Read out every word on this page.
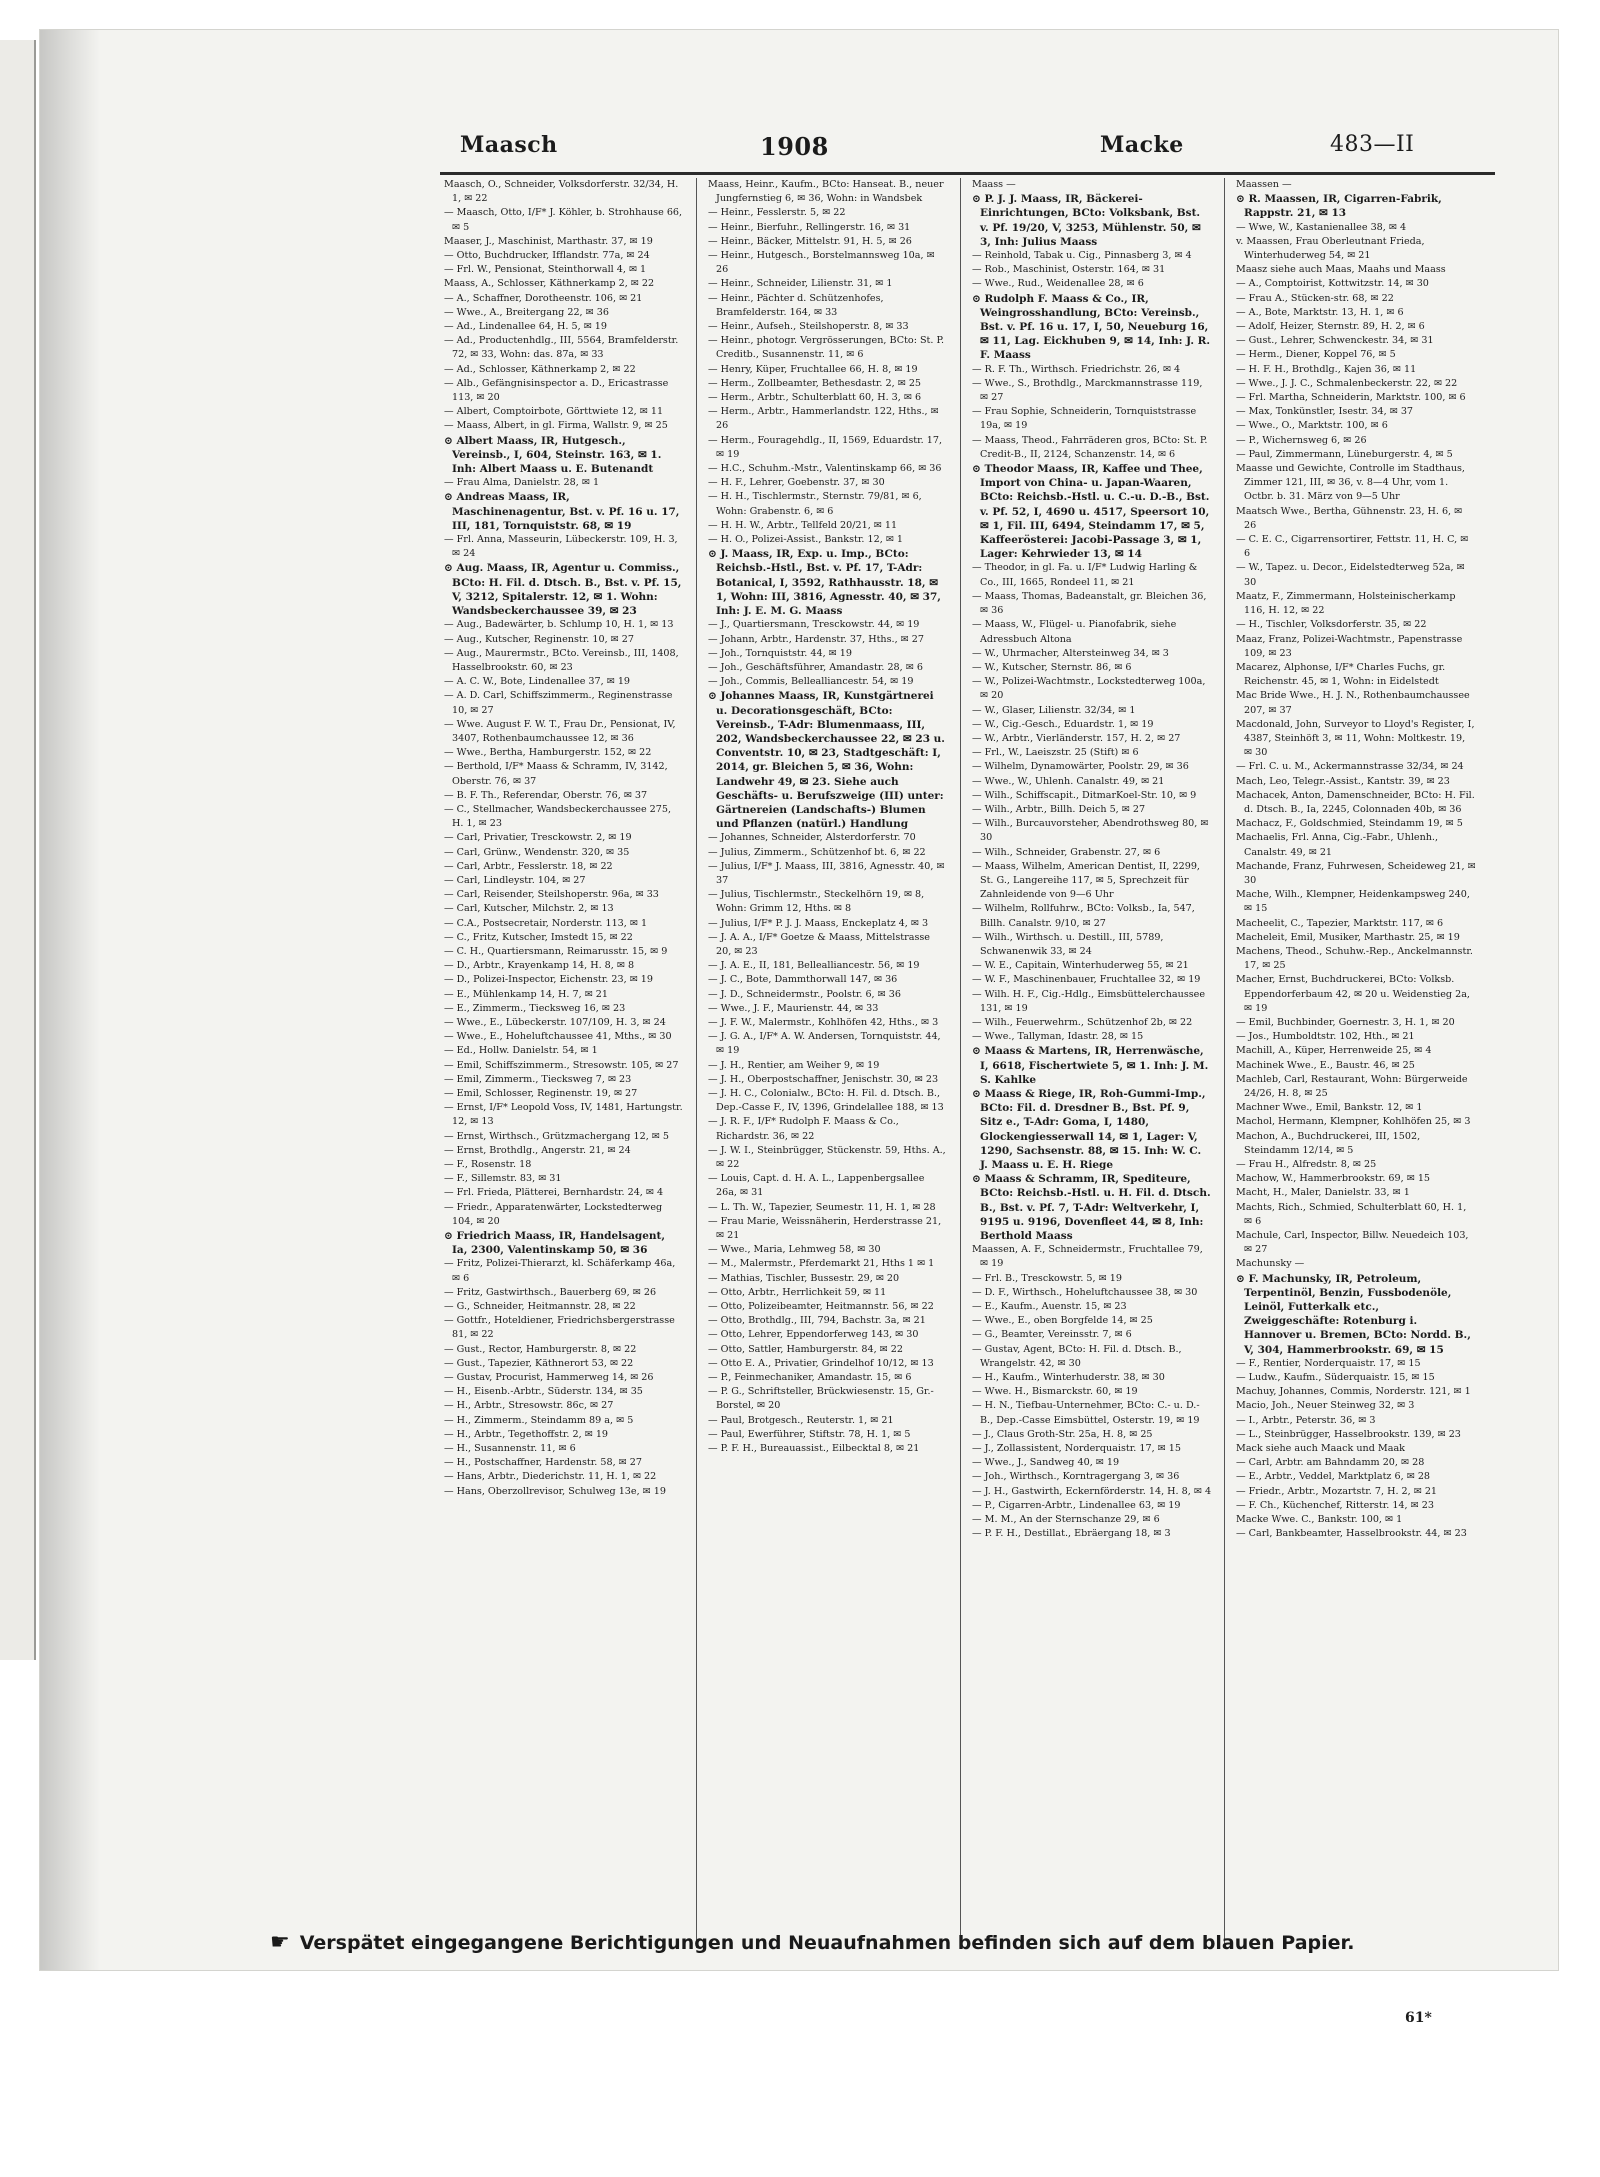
Maasch	1908	Macke	483—II

Maasch, O., Schneider, Volksdorferstr. 32/34, H. 1, ✉ 22

— Maasch, Otto, I/F* J. Köhler, b. Strohhause 66, ✉ 5

Maaser, J., Maschinist, Marthastr. 37, ✉ 19

— Otto, Buchdrucker, Ifflandstr. 77a, ✉ 24

— Frl. W., Pensionat, Steinthorwall 4, ✉ 1

Maass, A., Schlosser, Käthnerkamp 2, ✉ 22

— A., Schaffner, Dorotheenstr. 106, ✉ 21

— Wwe., A., Breitergang 22, ✉ 36

— Ad., Lindenallee 64, H. 5, ✉ 19

— Ad., Productenhdlg., III, 5564, Bramfelderstr. 72, ✉ 33, Wohn: das. 87a, ✉ 33

— Ad., Schlosser, Käthnerkamp 2, ✉ 22

— Alb., Gefängnisinspector a. D., Ericastrasse 113, ✉ 20

— Albert, Comptoirbote, Görttwiete 12, ✉ 11

— Maass, Albert, in gl. Firma, Wallstr. 9, ✉ 25

⊙ Albert Maass, IR, Hutgesch., Vereinsb., I, 604, Steinstr. 163, ✉ 1. Inh: Albert Maass u. E. Butenandt

— Frau Alma, Danielstr. 28, ✉ 1

⊙ Andreas Maass, IR, Maschinenagentur, Bst. v. Pf. 16 u. 17, III, 181, Tornquiststr. 68, ✉ 19

— Frl. Anna, Masseurin, Lübeckerstr. 109, H. 3, ✉ 24

⊙ Aug. Maass, IR, Agentur u. Commiss., BCto: H. Fil. d. Dtsch. B., Bst. v. Pf. 15, V, 3212, Spitalerstr. 12, ✉ 1. Wohn: Wandsbeckerchaussee 39, ✉ 23

— Aug., Badewärter, b. Schlump 10, H. 1, ✉ 13

— Aug., Kutscher, Reginenstr. 10, ✉ 27

— Aug., Maurermstr., BCto. Vereinsb., III, 1408, Hasselbrookstr. 60, ✉ 23

— A. C. W., Bote, Lindenallee 37, ✉ 19

— A. D. Carl, Schiffszimmerm., Reginenstrasse 10, ✉ 27

— Wwe. August F. W. T., Frau Dr., Pensionat, IV, 3407, Rothenbaumchaussee 12, ✉ 36

— Wwe., Bertha, Hamburgerstr. 152, ✉ 22

— Berthold, I/F* Maass & Schramm, IV, 3142, Oberstr. 76, ✉ 37

— B. F. Th., Referendar, Oberstr. 76, ✉ 37

— C., Stellmacher, Wandsbeckerchaussee 275, H. 1, ✉ 23

— Carl, Privatier, Tresckowstr. 2, ✉ 19

— Carl, Grünw., Wendenstr. 320, ✉ 35

— Carl, Arbtr., Fesslerstr. 18, ✉ 22

— Carl, Lindleystr. 104, ✉ 27

— Carl, Reisender, Steilshoperstr. 96a, ✉ 33

— Carl, Kutscher, Milchstr. 2, ✉ 13

— C.A., Postsecretair, Norderstr. 113, ✉ 1

— C., Fritz, Kutscher, Imstedt 15, ✉ 22

— C. H., Quartiersmann, Reimarusstr. 15, ✉ 9

— D., Arbtr., Krayenkamp 14, H. 8, ✉ 8

— D., Polizei-Inspector, Eichenstr. 23, ✉ 19

— E., Mühlenkamp 14, H. 7, ✉ 21

— E., Zimmerm., Tiecksweg 16, ✉ 23

— Wwe., E., Lübeckerstr. 107/109, H. 3, ✉ 24

— Wwe., E., Hoheluftchaussee 41, Mths., ✉ 30

— Ed., Hollw. Danielstr. 54, ✉ 1

— Emil, Schiffszimmerm., Stresowstr. 105, ✉ 27

— Emil, Zimmerm., Tiecksweg 7, ✉ 23

— Emil, Schlosser, Reginenstr. 19, ✉ 27

— Ernst, I/F* Leopold Voss, IV, 1481, Hartungstr. 12, ✉ 13

— Ernst, Wirthsch., Grützmachergang 12, ✉ 5

— Ernst, Brothdlg., Angerstr. 21, ✉ 24

— F., Rosenstr. 18

— F., Sillemstr. 83, ✉ 31

— Frl. Frieda, Plätterei, Bernhardstr. 24, ✉ 4

— Friedr., Apparatenwärter, Lockstedterweg 104, ✉ 20

⊙ Friedrich Maass, IR, Handelsagent, Ia, 2300, Valentinskamp 50, ✉ 36

— Fritz, Polizei-Thierarzt, kl. Schäferkamp 46a, ✉ 6

— Fritz, Gastwirthsch., Bauerberg 69, ✉ 26

— G., Schneider, Heitmannstr. 28, ✉ 22

— Gottfr., Hoteldiener, Friedrichsbergerstrasse 81, ✉ 22

— Gust., Rector, Hamburgerstr. 8, ✉ 22

— Gust., Tapezier, Käthnerort 53, ✉ 22

— Gustav, Procurist, Hammerweg 14, ✉ 26

— H., Eisenb.-Arbtr., Süderstr. 134, ✉ 35

— H., Arbtr., Stresowstr. 86c, ✉ 27

— H., Zimmerm., Steindamm 89 a, ✉ 5

— H., Arbtr., Tegethoffstr. 2, ✉ 19

— H., Susannenstr. 11, ✉ 6

— H., Postschaffner, Hardenstr. 58, ✉ 27

— Hans, Arbtr., Diederichstr. 11, H. 1, ✉ 22

— Hans, Oberzollrevisor, Schulweg 13e, ✉ 19

Maass, Heinr., Kaufm., BCto: Hanseat. B., neuer Jungfernstieg 6, ✉ 36, Wohn: in Wandsbek

— Heinr., Fesslerstr. 5, ✉ 22

— Heinr., Bierfuhr., Rellingerstr. 16, ✉ 31

— Heinr., Bäcker, Mittelstr. 91, H. 5, ✉ 26

— Heinr., Hutgesch., Borstelmannsweg 10a, ✉ 26

— Heinr., Schneider, Lilienstr. 31, ✉ 1

— Heinr., Pächter d. Schützenhofes, Bramfelderstr. 164, ✉ 33

— Heinr., Aufseh., Steilshoperstr. 8, ✉ 33

— Heinr., photogr. Vergrösserungen, BCto: St. P. Creditb., Susannenstr. 11, ✉ 6

— Henry, Küper, Fruchtallee 66, H. 8, ✉ 19

— Herm., Zollbeamter, Bethesdastr. 2, ✉ 25

— Herm., Arbtr., Schulterblatt 60, H. 3, ✉ 6

— Herm., Arbtr., Hammerlandstr. 122, Hths., ✉ 26

— Herm., Fouragehdlg., II, 1569, Eduardstr. 17, ✉ 19

— H.C., Schuhm.-Mstr., Valentinskamp 66, ✉ 36

— H. F., Lehrer, Goebenstr. 37, ✉ 30

— H. H., Tischlermstr., Sternstr. 79/81, ✉ 6, Wohn: Grabenstr. 6, ✉ 6

— H. H. W., Arbtr., Tellfeld 20/21, ✉ 11

— H. O., Polizei-Assist., Bankstr. 12, ✉ 1

⊙ J. Maass, IR, Exp. u. Imp., BCto: Reichsb.-Hstl., Bst. v. Pf. 17, T-Adr: Botanical, I, 3592, Rathhausstr. 18, ✉ 1, Wohn: III, 3816, Agnesstr. 40, ✉ 37, Inh: J. E. M. G. Maass

— J., Quartiersmann, Tresckowstr. 44, ✉ 19

— Johann, Arbtr., Hardenstr. 37, Hths., ✉ 27

— Joh., Tornquiststr. 44, ✉ 19

— Joh., Geschäftsführer, Amandastr. 28, ✉ 6

— Joh., Commis, Bellealliancestr. 54, ✉ 19

⊙ Johannes Maass, IR, Kunstgärtnerei u. Decorationsgeschäft, BCto: Vereinsb., T-Adr: Blumenmaass, III, 202, Wandsbeckerchaussee 22, ✉ 23 u. Conventstr. 10, ✉ 23, Stadtgeschäft: I, 2014, gr. Bleichen 5, ✉ 36, Wohn: Landwehr 49, ✉ 23. Siehe auch Geschäfts- u. Berufszweige (III) unter: Gärtnereien (Landschafts-) Blumen und Pflanzen (natürl.) Handlung

— Johannes, Schneider, Alsterdorferstr. 70

— Julius, Zimmerm., Schützenhof bt. 6, ✉ 22

— Julius, I/F* J. Maass, III, 3816, Agnesstr. 40, ✉ 37

— Julius, Tischlermstr., Steckelhörn 19, ✉ 8, Wohn: Grimm 12, Hths. ✉ 8

— Julius, I/F* P. J. J. Maass, Enckeplatz 4, ✉ 3

— J. A. A., I/F* Goetze & Maass, Mittelstrasse 20, ✉ 23

— J. A. E., II, 181, Bellealliancestr. 56, ✉ 19

— J. C., Bote, Dammthorwall 147, ✉ 36

— J. D., Schneidermstr., Poolstr. 6, ✉ 36

— Wwe., J. F., Maurienstr. 44, ✉ 33

— J. F. W., Malermstr., Kohlhöfen 42, Hths., ✉ 3

— J. G. A., I/F* A. W. Andersen, Tornquiststr. 44, ✉ 19

— J. H., Rentier, am Weiher 9, ✉ 19

— J. H., Oberpostschaffner, Jenischstr. 30, ✉ 23

— J. H. C., Colonialw., BCto: H. Fil. d. Dtsch. B., Dep.-Casse F., IV, 1396, Grindelallee 188, ✉ 13

— J. R. F., I/F* Rudolph F. Maass & Co., Richardstr. 36, ✉ 22

— J. W. I., Steinbrügger, Stückenstr. 59, Hths. A., ✉ 22

— Louis, Capt. d. H. A. L., Lappenbergsallee 26a, ✉ 31

— L. Th. W., Tapezier, Seumestr. 11, H. 1, ✉ 28

— Frau Marie, Weissnäherin, Herderstrasse 21, ✉ 21

— Wwe., Maria, Lehmweg 58, ✉ 30

— M., Malermstr., Pferdemarkt 21, Hths 1 ✉ 1

— Mathias, Tischler, Bussestr. 29, ✉ 20

— Otto, Arbtr., Herrlichkeit 59, ✉ 11

— Otto, Polizeibeamter, Heitmannstr. 56, ✉ 22

— Otto, Brothdlg., III, 794, Bachstr. 3a, ✉ 21

— Otto, Lehrer, Eppendorferweg 143, ✉ 30

— Otto, Sattler, Hamburgerstr. 84, ✉ 22

— Otto E. A., Privatier, Grindelhof 10/12, ✉ 13

— P., Feinmechaniker, Amandastr. 15, ✉ 6

— P. G., Schriftsteller, Brückwiesenstr. 15, Gr.-Borstel, ✉ 20

— Paul, Brotgesch., Reuterstr. 1, ✉ 21

— Paul, Ewerführer, Stiftstr. 78, H. 1, ✉ 5

— P. F. H., Bureauassist., Eilbecktal 8, ✉ 21

Maass —

⊙ P. J. J. Maass, IR, Bäckerei-Einrichtungen, BCto: Volksbank, Bst. v. Pf. 19/20, V, 3253, Mühlenstr. 50, ✉ 3, Inh: Julius Maass

— Reinhold, Tabak u. Cig., Pinnasberg 3, ✉ 4

— Rob., Maschinist, Osterstr. 164, ✉ 31

— Wwe., Rud., Weidenallee 28, ✉ 6

⊙ Rudolph F. Maass & Co., IR, Weingrosshandlung, BCto: Vereinsb., Bst. v. Pf. 16 u. 17, I, 50, Neueburg 16, ✉ 11, Lag. Eickhuben 9, ✉ 14, Inh: J. R. F. Maass

— R. F. Th., Wirthsch. Friedrichstr. 26, ✉ 4

— Wwe., S., Brothdlg., Marckmannstrasse 119, ✉ 27

— Frau Sophie, Schneiderin, Tornquiststrasse 19a, ✉ 19

— Maass, Theod., Fahrräderen gros, BCto: St. P. Credit-B., II, 2124, Schanzenstr. 14, ✉ 6

⊙ Theodor Maass, IR, Kaffee und Thee, Import von China- u. Japan-Waaren, BCto: Reichsb.-Hstl. u. C.-u. D.-B., Bst. v. Pf. 52, I, 4690 u. 4517, Speersort 10, ✉ 1, Fil. III, 6494, Steindamm 17, ✉ 5, Kaffeerösterei: Jacobi-Passage 3, ✉ 1, Lager: Kehrwieder 13, ✉ 14

— Theodor, in gl. Fa. u. I/F* Ludwig Harling & Co., III, 1665, Rondeel 11, ✉ 21

— Maass, Thomas, Badeanstalt, gr. Bleichen 36, ✉ 36

— Maass, W., Flügel- u. Pianofabrik, siehe Adressbuch Altona

— W., Uhrmacher, Altersteinweg 34, ✉ 3

— W., Kutscher, Sternstr. 86, ✉ 6

— W., Polizei-Wachtmstr., Lockstedterweg 100a, ✉ 20

— W., Glaser, Lilienstr. 32/34, ✉ 1

— W., Cig.-Gesch., Eduardstr. 1, ✉ 19

— W., Arbtr., Vierländerstr. 157, H. 2, ✉ 27

— Frl., W., Laeiszstr. 25 (Stift) ✉ 6

— Wilhelm, Dynamowärter, Poolstr. 29, ✉ 36

— Wwe., W., Uhlenh. Canalstr. 49, ✉ 21

— Wilh., Schiffscapit., DitmarKoel-Str. 10, ✉ 9

— Wilh., Arbtr., Billh. Deich 5, ✉ 27

— Wilh., Burcauvorsteher, Abendrothsweg 80, ✉ 30

— Wilh., Schneider, Grabenstr. 27, ✉ 6

— Maass, Wilhelm, American Dentist, II, 2299, St. G., Langereihe 117, ✉ 5, Sprechzeit für Zahnleidende von 9—6 Uhr

— Wilhelm, Rollfuhrw., BCto: Volksb., Ia, 547, Billh. Canalstr. 9/10, ✉ 27

— Wilh., Wirthsch. u. Destill., III, 5789, Schwanenwik 33, ✉ 24

— W. E., Capitain, Winterhuderweg 55, ✉ 21

— W. F., Maschinenbauer, Fruchtallee 32, ✉ 19

— Wilh. H. F., Cig.-Hdlg., Eimsbüttelerchaussee 131, ✉ 19

— Wilh., Feuerwehrm., Schützenhof 2b, ✉ 22

— Wwe., Tallyman, Idastr. 28, ✉ 15

⊙ Maass & Martens, IR, Herrenwäsche, I, 6618, Fischertwiete 5, ✉ 1. Inh: J. M. S. Kahlke

⊙ Maass & Riege, IR, Roh-Gummi-Imp., BCto: Fil. d. Dresdner B., Bst. Pf. 9, Sitz e., T-Adr: Goma, I, 1480, Glockengiesserwall 14, ✉ 1, Lager: V, 1290, Sachsenstr. 88, ✉ 15. Inh: W. C. J. Maass u. E. H. Riege

⊙ Maass & Schramm, IR, Spediteure, BCto: Reichsb.-Hstl. u. H. Fil. d. Dtsch. B., Bst. v. Pf. 7, T-Adr: Weltverkehr, I, 9195 u. 9196, Dovenfleet 44, ✉ 8, Inh: Berthold Maass

Maassen, A. F., Schneidermstr., Fruchtallee 79, ✉ 19

— Frl. B., Tresckowstr. 5, ✉ 19

— D. F., Wirthsch., Hoheluftchaussee 38, ✉ 30

— E., Kaufm., Auenstr. 15, ✉ 23

— Wwe., E., oben Borgfelde 14, ✉ 25

— G., Beamter, Vereinsstr. 7, ✉ 6

— Gustav, Agent, BCto: H. Fil. d. Dtsch. B., Wrangelstr. 42, ✉ 30

— H., Kaufm., Winterhuderstr. 38, ✉ 30

— Wwe. H., Bismarckstr. 60, ✉ 19

— H. N., Tiefbau-Unternehmer, BCto: C.- u. D.-B., Dep.-Casse Eimsbüttel, Osterstr. 19, ✉ 19

— J., Claus Groth-Str. 25a, H. 8, ✉ 25

— J., Zollassistent, Norderquaistr. 17, ✉ 15

— Wwe., J., Sandweg 40, ✉ 19

— Joh., Wirthsch., Korntragergang 3, ✉ 36

— J. H., Gastwirth, Eckernförderstr. 14, H. 8, ✉ 4

— P., Cigarren-Arbtr., Lindenallee 63, ✉ 19

— M. M., An der Sternschanze 29, ✉ 6

— P. F. H., Destillat., Ebräergang 18, ✉ 3

Maassen —

⊙ R. Maassen, IR, Cigarren-Fabrik, Rappstr. 21, ✉ 13

— Wwe, W., Kastanienallee 38, ✉ 4

v. Maassen, Frau Oberleutnant Frieda, Winterhuderweg 54, ✉ 21

Maasz siehe auch Maas, Maahs und Maass

— A., Comptoirist, Kottwitzstr. 14, ✉ 30

— Frau A., Stücken-str. 68, ✉ 22

— A., Bote, Marktstr. 13, H. 1, ✉ 6

— Adolf, Heizer, Sternstr. 89, H. 2, ✉ 6

— Gust., Lehrer, Schwenckestr. 34, ✉ 31

— Herm., Diener, Koppel 76, ✉ 5

— H. F. H., Brothdlg., Kajen 36, ✉ 11

— Wwe., J. J. C., Schmalenbeckerstr. 22, ✉ 22

— Frl. Martha, Schneiderin, Marktstr. 100, ✉ 6

— Max, Tonkünstler, Isestr. 34, ✉ 37

— Wwe., O., Marktstr. 100, ✉ 6

— P., Wichernsweg 6, ✉ 26

— Paul, Zimmermann, Lüneburgerstr. 4, ✉ 5

Maasse und Gewichte, Controlle im Stadthaus, Zimmer 121, III, ✉ 36, v. 8—4 Uhr, vom 1. Octbr. b. 31. März von 9—5 Uhr

Maatsch Wwe., Bertha, Gühnenstr. 23, H. 6, ✉ 26

— C. E. C., Cigarrensortirer, Fettstr. 11, H. C, ✉ 6

— W., Tapez. u. Decor., Eidelstedterweg 52a, ✉ 30

Maatz, F., Zimmermann, Holsteinischerkamp 116, H. 12, ✉ 22

— H., Tischler, Volksdorferstr. 35, ✉ 22

Maaz, Franz, Polizei-Wachtmstr., Papenstrasse 109, ✉ 23

Macarez, Alphonse, I/F* Charles Fuchs, gr. Reichenstr. 45, ✉ 1, Wohn: in Eidelstedt

Mac Bride Wwe., H. J. N., Rothenbaumchaussee 207, ✉ 37

Macdonald, John, Surveyor to Lloyd's Register, I, 4387, Steinhöft 3, ✉ 11, Wohn: Moltkestr. 19, ✉ 30

— Frl. C. u. M., Ackermannstrasse 32/34, ✉ 24

Mach, Leo, Telegr.-Assist., Kantstr. 39, ✉ 23

Machacek, Anton, Damenschneider, BCto: H. Fil. d. Dtsch. B., Ia, 2245, Colonnaden 40b, ✉ 36

Machacz, F., Goldschmied, Steindamm 19, ✉ 5

Machaelis, Frl. Anna, Cig.-Fabr., Uhlenh., Canalstr. 49, ✉ 21

Machande, Franz, Fuhrwesen, Scheideweg 21, ✉ 30

Mache, Wilh., Klempner, Heidenkampsweg 240, ✉ 15

Macheelit, C., Tapezier, Marktstr. 117, ✉ 6

Macheleit, Emil, Musiker, Marthastr. 25, ✉ 19

Machens, Theod., Schuhw.-Rep., Anckelmannstr. 17, ✉ 25

Macher, Ernst, Buchdruckerei, BCto: Volksb. Eppendorferbaum 42, ✉ 20 u. Weidenstieg 2a, ✉ 19

— Emil, Buchbinder, Goernestr. 3, H. 1, ✉ 20

— Jos., Humboldtstr. 102, Hth., ✉ 21

Machill, A., Küper, Herrenweide 25, ✉ 4

Machinek Wwe., E., Baustr. 46, ✉ 25

Machleb, Carl, Restaurant, Wohn: Bürgerweide 24/26, H. 8, ✉ 25

Machner Wwe., Emil, Bankstr. 12, ✉ 1

Machol, Hermann, Klempner, Kohlhöfen 25, ✉ 3

Machon, A., Buchdruckerei, III, 1502, Steindamm 12/14, ✉ 5

— Frau H., Alfredstr. 8, ✉ 25

Machow, W., Hammerbrookstr. 69, ✉ 15

Macht, H., Maler, Danielstr. 33, ✉ 1

Machts, Rich., Schmied, Schulterblatt 60, H. 1, ✉ 6

Machule, Carl, Inspector, Billw. Neuedeich 103, ✉ 27

Machunsky —

⊙ F. Machunsky, IR, Petroleum, Terpentinöl, Benzin, Fussbodenöle, Leinöl, Futterkalk etc., Zweiggeschäfte: Rotenburg i. Hannover u. Bremen, BCto: Nordd. B., V, 304, Hammerbrookstr. 69, ✉ 15

— F., Rentier, Norderquaistr. 17, ✉ 15

— Ludw., Kaufm., Süderquaistr. 15, ✉ 15

Machuy, Johannes, Commis, Norderstr. 121, ✉ 1

Macio, Joh., Neuer Steinweg 32, ✉ 3

— I., Arbtr., Peterstr. 36, ✉ 3

— L., Steinbrügger, Hasselbrookstr. 139, ✉ 23

Mack siehe auch Maack und Maak

— Carl, Arbtr. am Bahndamm 20, ✉ 28

— E., Arbtr., Veddel, Marktplatz 6, ✉ 28

— Friedr., Arbtr., Mozartstr. 7, H. 2, ✉ 21

— F. Ch., Küchenchef, Ritterstr. 14, ✉ 23

Macke Wwe. C., Bankstr. 100, ✉ 1

— Carl, Bankbeamter, Hasselbrookstr. 44, ✉ 23

☛ Verspätet eingegangene Berichtigungen und Neuaufnahmen befinden sich auf dem blauen Papier.
61*
